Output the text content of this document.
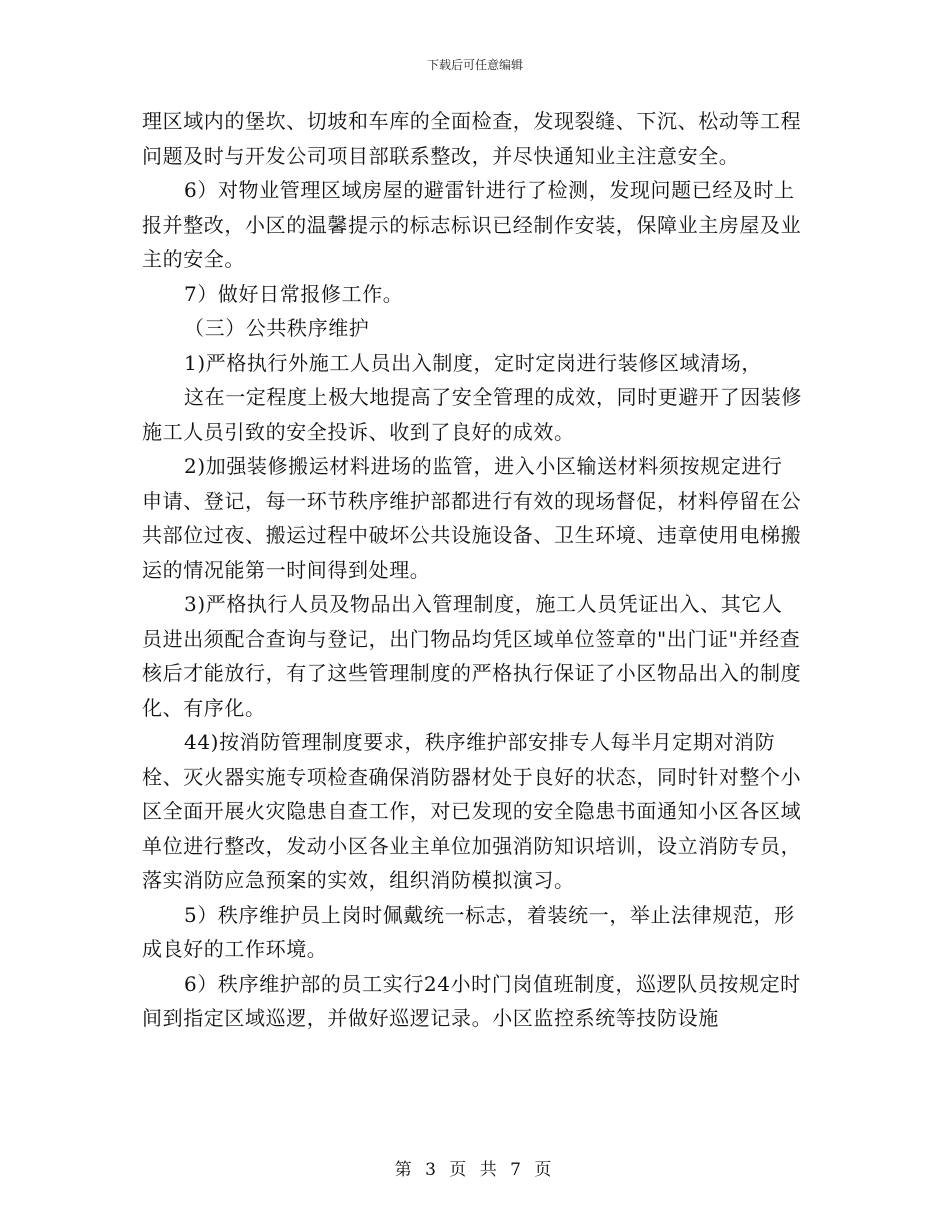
下载后可任意编辑

理区域内的堡坎、切坡和车库的全面检查，发现裂缝、下沉、松动等工程问题及时与开发公司项目部联系整改，并尽快通知业主注意安全。

6）对物业管理区域房屋的避雷针进行了检测，发现问题已经及时上报并整改，小区的温馨提示的标志标识已经制作安装，保障业主房屋及业主的安全。

7）做好日常报修工作。

（三）公共秩序维护

1)严格执行外施工人员出入制度，定时定岗进行装修区域清场，

这在一定程度上极大地提高了安全管理的成效，同时更避开了因装修施工人员引致的安全投诉、收到了良好的成效。

2)加强装修搬运材料进场的监管，进入小区输送材料须按规定进行申请、登记，每一环节秩序维护部都进行有效的现场督促，材料停留在公共部位过夜、搬运过程中破坏公共设施设备、卫生环境、违章使用电梯搬运的情况能第一时间得到处理。

3)严格执行人员及物品出入管理制度，施工人员凭证出入、其它人员进出须配合查询与登记，出门物品均凭区域单位签章的"出门证"并经查核后才能放行，有了这些管理制度的严格执行保证了小区物品出入的制度化、有序化。

44)按消防管理制度要求，秩序维护部安排专人每半月定期对消防栓、灭火器实施专项检查确保消防器材处于良好的状态，同时针对整个小区全面开展火灾隐患自查工作，对已发现的安全隐患书面通知小区各区域单位进行整改，发动小区各业主单位加强消防知识培训，设立消防专员，落实消防应急预案的实效，组织消防模拟演习。

5）秩序维护员上岗时佩戴统一标志，着装统一，举止法律规范，形成良好的工作环境。

6）秩序维护部的员工实行24小时门岗值班制度，巡逻队员按规定时间到指定区域巡逻，并做好巡逻记录。小区监控系统等技防设施

第 3 页 共 7 页
